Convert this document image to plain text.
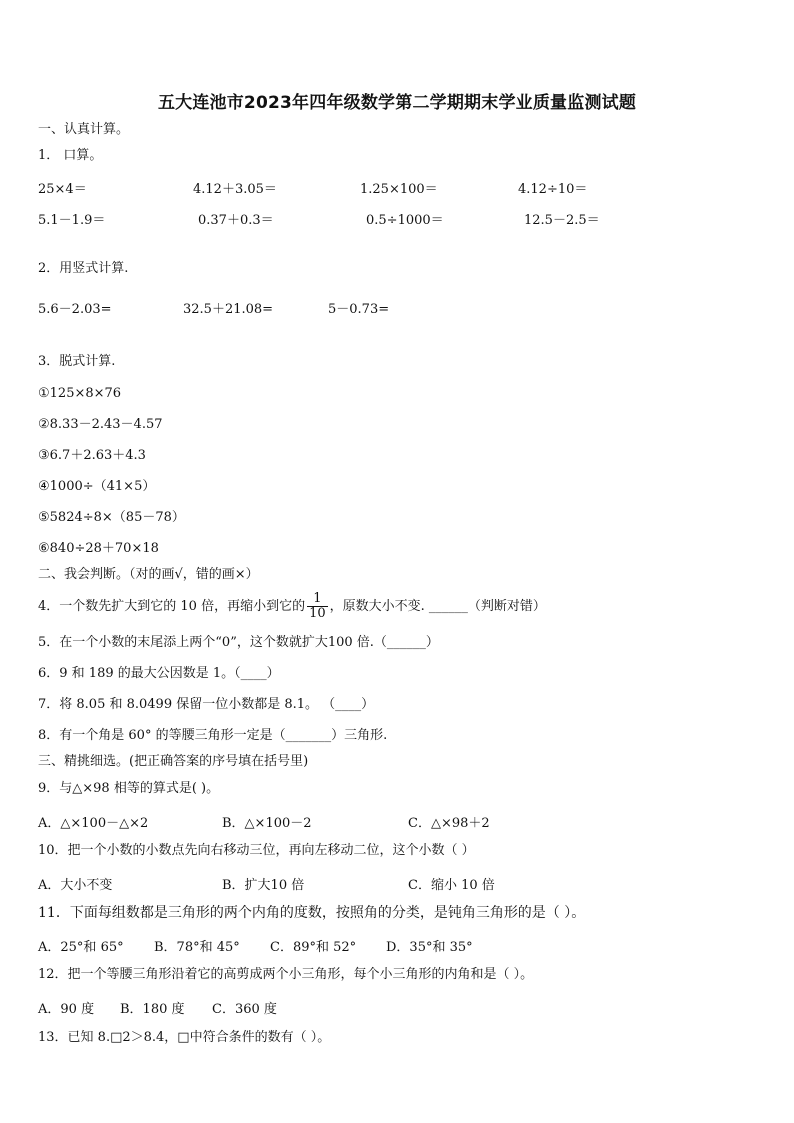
五大连池市2023年四年级数学第二学期期末学业质量监测试题
一、认真计算。
1． 口算。
25×4＝	4.12＋3.05＝	1.25×100＝	4.12÷10＝
5.1－1.9＝	0.37＋0.3＝	0.5÷1000＝	12.5－2.5＝
2．用竖式计算.
5.6－2.03=	32.5＋21.08=	5－0.73=
3．脱式计算.
①125×8×76
②8.33－2.43－4.57
③6.7＋2.63＋4.3
④1000÷（41×5）
⑤5824÷8×（85－78）
⑥840÷28＋70×18
二、我会判断。（对的画√，错的画×）
4．一个数先扩大到它的 10 倍，再缩小到它的 $\frac{1}{10}$ ，原数大小不变. ______（判断对错）
5．在一个小数的末尾添上两个“0”，这个数就扩大100 倍.（______）
6．9 和 189 的最大公因数是 1。（____）
7．将 8.05 和 8.0499 保留一位小数都是 8.1。 （____）
8．有一个角是 60° 的等腰三角形一定是（_______）三角形.
三、精挑细选。(把正确答案的序号填在括号里)
9．与△×98 相等的算式是( )。
A．△×100－△×2	B．△×100－2	C．△×98＋2
10．把一个小数的小数点先向右移动三位，再向左移动二位，这个小数（ ）
A．大小不变	B．扩大10 倍	C．缩小 10 倍
11．下面每组数都是三角形的两个内角的度数，按照角的分类，是钝角三角形的是（ ）。
A．25°和 65° B．78°和 45° C．89°和 52° D．35°和 35°
12．把一个等腰三角形沿着它的高剪成两个小三角形，每个小三角形的内角和是（ ）。
A．90 度 B．180 度 C．360 度
13．已知 8.□2＞8.4，□中符合条件的数有（ ）。
